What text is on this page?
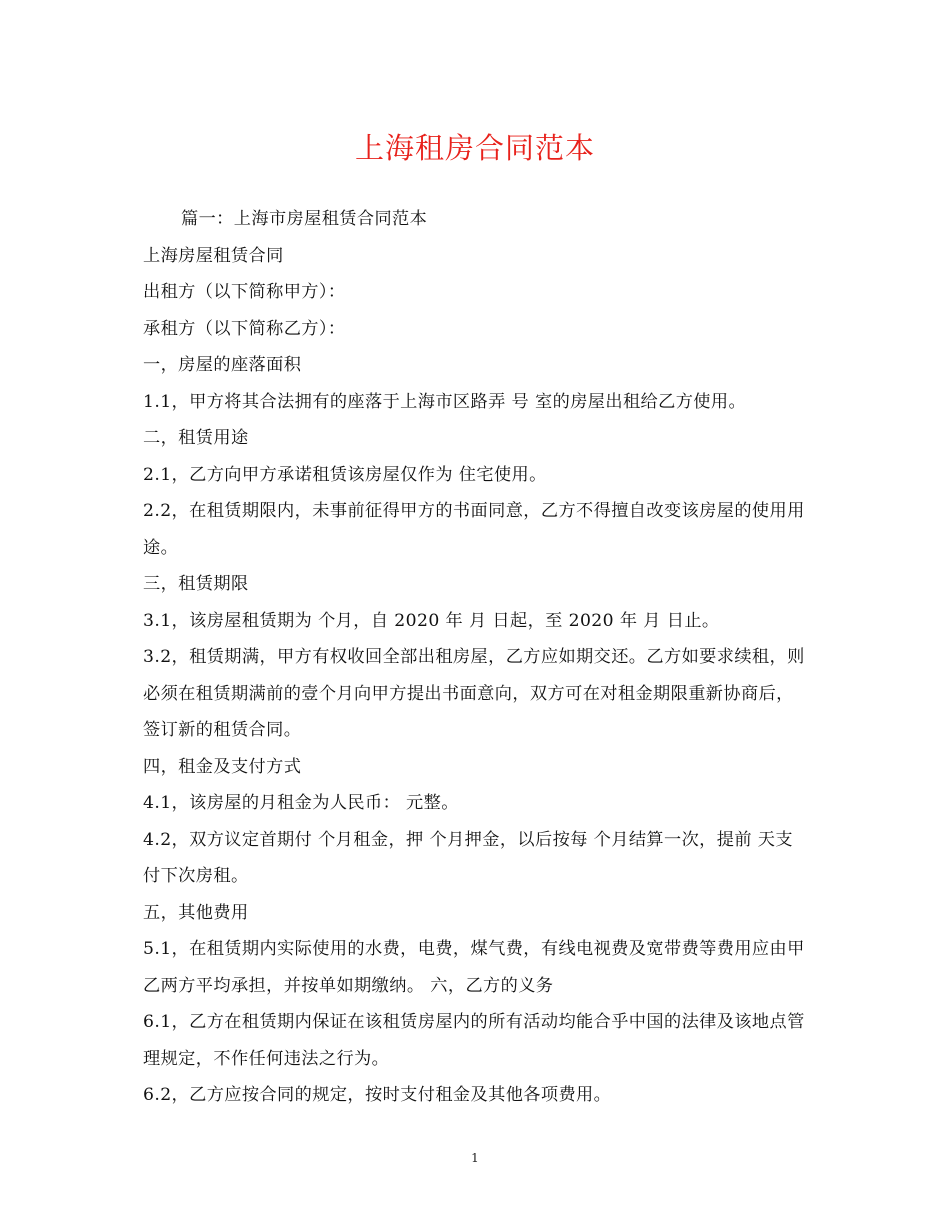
上海租房合同范本

篇一：上海市房屋租赁合同范本

上海房屋租赁合同

出租方（以下简称甲方）：

承租方（以下简称乙方）：

一，房屋的座落面积

1.1，甲方将其合法拥有的座落于上海市区路弄 号 室的房屋出租给乙方使用。

二，租赁用途

2.1，乙方向甲方承诺租赁该房屋仅作为 住宅使用。

2.2，在租赁期限内，未事前征得甲方的书面同意，乙方不得擅自改变该房屋的使用用途。

三，租赁期限

3.1，该房屋租赁期为 个月，自 2020 年 月 日起，至 2020 年 月 日止。

3.2，租赁期满，甲方有权收回全部出租房屋，乙方应如期交还。乙方如要求续租，则必须在租赁期满前的壹个月向甲方提出书面意向，双方可在对租金期限重新协商后，签订新的租赁合同。

四，租金及支付方式

4.1，该房屋的月租金为人民币： 元整。

4.2，双方议定首期付 个月租金，押 个月押金，以后按每 个月结算一次，提前 天支付下次房租。

五，其他费用

5.1，在租赁期内实际使用的水费，电费，煤气费，有线电视费及宽带费等费用应由甲乙两方平均承担，并按单如期缴纳。 六，乙方的义务

6.1，乙方在租赁期内保证在该租赁房屋内的所有活动均能合乎中国的法律及该地点管理规定，不作任何违法之行为。

6.2，乙方应按合同的规定，按时支付租金及其他各项费用。

1
